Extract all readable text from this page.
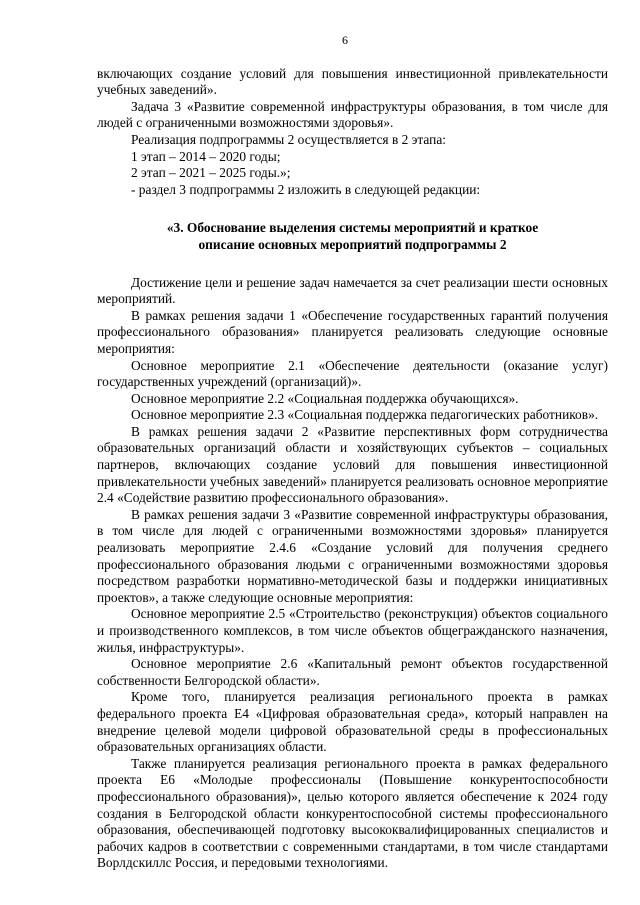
6

включающих создание условий для повышения инвестиционной привлекательности учебных заведений».

Задача 3 «Развитие современной инфраструктуры образования, в том числе для людей с ограниченными возможностями здоровья».

Реализация подпрограммы 2 осуществляется в 2 этапа:

1 этап – 2014 – 2020 годы;
2 этап – 2021 – 2025 годы.»;
- раздел 3 подпрограммы 2 изложить в следующей редакции:
«3. Обоснование выделения системы мероприятий и краткое
описание основных мероприятий подпрограммы 2

Достижение цели и решение задач намечается за счет реализации шести основных мероприятий.

В рамках решения задачи 1 «Обеспечение государственных гарантий получения профессионального образования» планируется реализовать следующие основные мероприятия:

Основное мероприятие 2.1 «Обеспечение деятельности (оказание услуг) государственных учреждений (организаций)».

Основное мероприятие 2.2 «Социальная поддержка обучающихся».

Основное мероприятие 2.3 «Социальная поддержка педагогических работников».

В рамках решения задачи 2 «Развитие перспективных форм сотрудничества образовательных организаций области и хозяйствующих субъектов – социальных партнеров, включающих создание условий для повышения инвестиционной привлекательности учебных заведений» планируется реализовать основное мероприятие 2.4 «Содействие развитию профессионального образования».

В рамках решения задачи 3 «Развитие современной инфраструктуры образования, в том числе для людей с ограниченными возможностями здоровья» планируется реализовать мероприятие 2.4.6 «Создание условий для получения среднего профессионального образования людьми с ограниченными возможностями здоровья посредством разработки нормативно-методической базы и поддержки инициативных проектов», а также следующие основные мероприятия:

Основное мероприятие 2.5 «Строительство (реконструкция) объектов социального и производственного комплексов, в том числе объектов общегражданского назначения, жилья, инфраструктуры».

Основное мероприятие 2.6 «Капитальный ремонт объектов государственной собственности Белгородской области».

Кроме того, планируется реализация регионального проекта в рамках федерального проекта Е4 «Цифровая образовательная среда», который направлен на внедрение целевой модели цифровой образовательной среды в профессиональных образовательных организациях области.

Также планируется реализация регионального проекта в рамках федерального проекта Е6 «Молодые профессионалы (Повышение конкурентоспособности профессионального образования)», целью которого является обеспечение к 2024 году создания в Белгородской области конкурентоспособной системы профессионального образования, обеспечивающей подготовку высококвалифицированных специалистов и рабочих кадров в соответствии с современными стандартами, в том числе стандартами Ворлдскиллс Россия, и передовыми технологиями.
